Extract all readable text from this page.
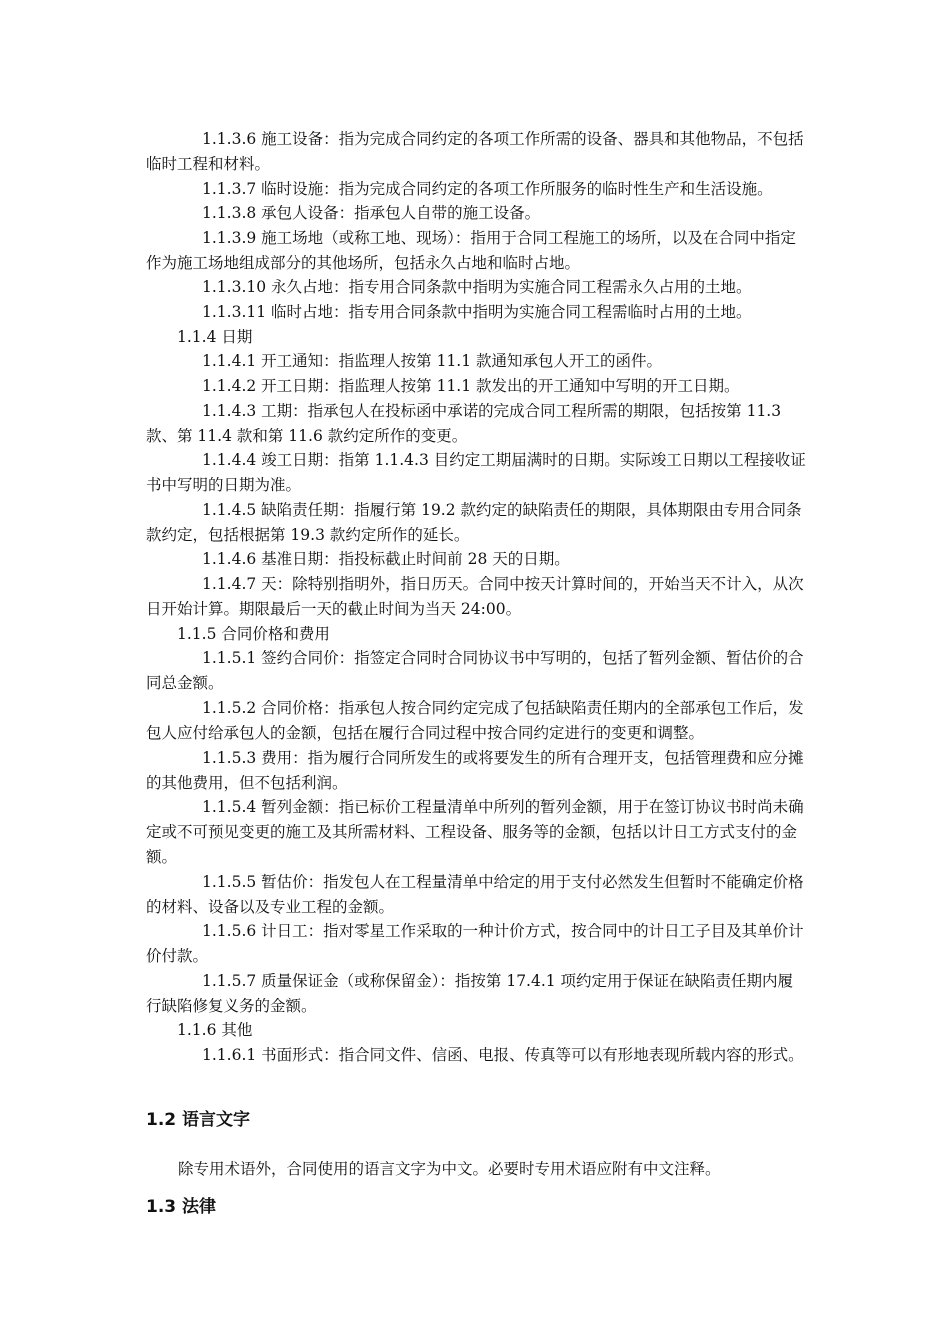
1.1.3.6 施工设备：指为完成合同约定的各项工作所需的设备、器具和其他物品，不包括临时工程和材料。
1.1.3.7 临时设施：指为完成合同约定的各项工作所服务的临时性生产和生活设施。
1.1.3.8 承包人设备：指承包人自带的施工设备。
1.1.3.9 施工场地（或称工地、现场）：指用于合同工程施工的场所，以及在合同中指定作为施工场地组成部分的其他场所，包括永久占地和临时占地。
1.1.3.10 永久占地：指专用合同条款中指明为实施合同工程需永久占用的土地。
1.1.3.11 临时占地：指专用合同条款中指明为实施合同工程需临时占用的土地。
1.1.4 日期
1.1.4.1 开工通知：指监理人按第 11.1 款通知承包人开工的函件。
1.1.4.2 开工日期：指监理人按第 11.1 款发出的开工通知中写明的开工日期。
1.1.4.3 工期：指承包人在投标函中承诺的完成合同工程所需的期限，包括按第 11.3 款、第 11.4 款和第 11.6 款约定所作的变更。
1.1.4.4 竣工日期：指第 1.1.4.3 目约定工期届满时的日期。实际竣工日期以工程接收证书中写明的日期为准。
1.1.4.5 缺陷责任期：指履行第 19.2 款约定的缺陷责任的期限，具体期限由专用合同条款约定，包括根据第 19.3 款约定所作的延长。
1.1.4.6 基准日期：指投标截止时间前 28 天的日期。
1.1.4.7 天：除特别指明外，指日历天。合同中按天计算时间的，开始当天不计入，从次日开始计算。期限最后一天的截止时间为当天 24:00。
1.1.5 合同价格和费用
1.1.5.1 签约合同价：指签定合同时合同协议书中写明的，包括了暂列金额、暂估价的合同总金额。
1.1.5.2 合同价格：指承包人按合同约定完成了包括缺陷责任期内的全部承包工作后，发包人应付给承包人的金额，包括在履行合同过程中按合同约定进行的变更和调整。
1.1.5.3 费用：指为履行合同所发生的或将要发生的所有合理开支，包括管理费和应分摊的其他费用，但不包括利润。
1.1.5.4 暂列金额：指已标价工程量清单中所列的暂列金额，用于在签订协议书时尚未确定或不可预见变更的施工及其所需材料、工程设备、服务等的金额，包括以计日工方式支付的金额。
1.1.5.5 暂估价：指发包人在工程量清单中给定的用于支付必然发生但暂时不能确定价格的材料、设备以及专业工程的金额。
1.1.5.6 计日工：指对零星工作采取的一种计价方式，按合同中的计日工子目及其单价计价付款。
1.1.5.7 质量保证金（或称保留金）：指按第 17.4.1 项约定用于保证在缺陷责任期内履行缺陷修复义务的金额。
1.1.6 其他
1.1.6.1 书面形式：指合同文件、信函、电报、传真等可以有形地表现所载内容的形式。
1.2 语言文字
除专用术语外，合同使用的语言文字为中文。必要时专用术语应附有中文注释。
1.3 法律
